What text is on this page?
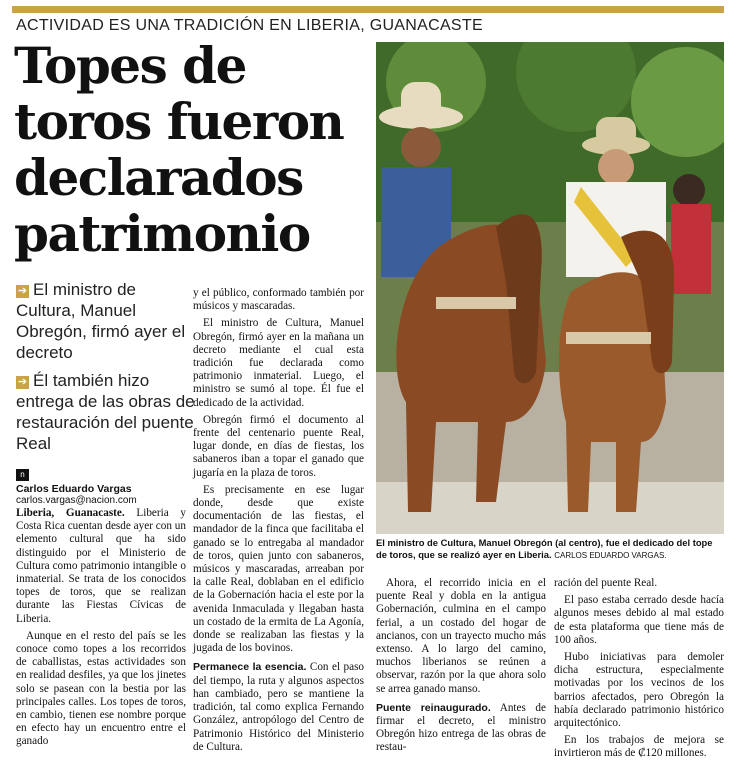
ACTIVIDAD ES UNA TRADICIÓN EN LIBERIA, GUANACASTE
Topes de toros fueron declarados patrimonio
➔ El ministro de Cultura, Manuel Obregón, firmó ayer el decreto
➔ Él también hizo entrega de las obras de restauración del puente Real
n
Carlos Eduardo Vargas
carlos.vargas@nacion.com
El ministro de Cultura, Manuel Obregón (al centro), fue el dedicado del tope de toros, que se realizó ayer en Liberia. CARLOS EDUARDO VARGAS.

Liberia, Guanacaste. Liberia y Costa Rica cuentan desde ayer con un elemento cultural que ha sido distinguido por el Ministerio de Cultura como patrimonio intangible o inmaterial. Se trata de los conocidos topes de toros, que se realizan durante las Fiestas Cívicas de Liberia.

Aunque en el resto del país se les conoce como topes a los recorridos de caballistas, estas actividades son en realidad desfiles, ya que los jinetes solo se pasean con la bestia por las principales calles. Los topes de toros, en cambio, tienen ese nombre porque en efecto hay un encuentro entre el ganado

y el público, conformado también por músicos y mascaradas.

El ministro de Cultura, Manuel Obregón, firmó ayer en la mañana un decreto mediante el cual esta tradición fue declarada como patrimonio inmaterial. Luego, el ministro se sumó al tope. Él fue el dedicado de la actividad.

Obregón firmó el documento al frente del centenario puente Real, lugar donde, en días de fiestas, los sabaneros iban a topar el ganado que jugaría en la plaza de toros.

Es precisamente en ese lugar donde, desde que existe documentación de las fiestas, el mandador de la finca que facilitaba el ganado se lo entregaba al mandador de toros, quien junto con sabaneros, músicos y mascaradas, arreaban por la calle Real, doblaban en el edificio de la Gobernación hacia el este por la avenida Inmaculada y llegaban hasta un costado de la ermita de La Agonía, donde se realizaban las fiestas y la jugada de los bovinos.

Permanece la esencia. Con el paso del tiempo, la ruta y algunos aspectos han cambiado, pero se mantiene la tradición, tal como explica Fernando González, antropólogo del Centro de Patrimonio Histórico del Ministerio de Cultura.

Ahora, el recorrido inicia en el puente Real y dobla en la antigua Gobernación, culmina en el campo ferial, a un costado del hogar de ancianos, con un trayecto mucho más extenso. A lo largo del camino, muchos liberianos se reúnen a observar, razón por la que ahora solo se arrea ganado manso.

Puente reinaugurado. Antes de firmar el decreto, el ministro Obregón hizo entrega de las obras de restau-

ración del puente Real.

El paso estaba cerrado desde hacía algunos meses debido al mal estado de esta plataforma que tiene más de 100 años.

Hubo iniciativas para demoler dicha estructura, especialmente motivadas por los vecinos de los barrios afectados, pero Obregón la había declarado patrimonio histórico arquitectónico.

En los trabajos de mejora se invirtieron más de ₡120 millones.
